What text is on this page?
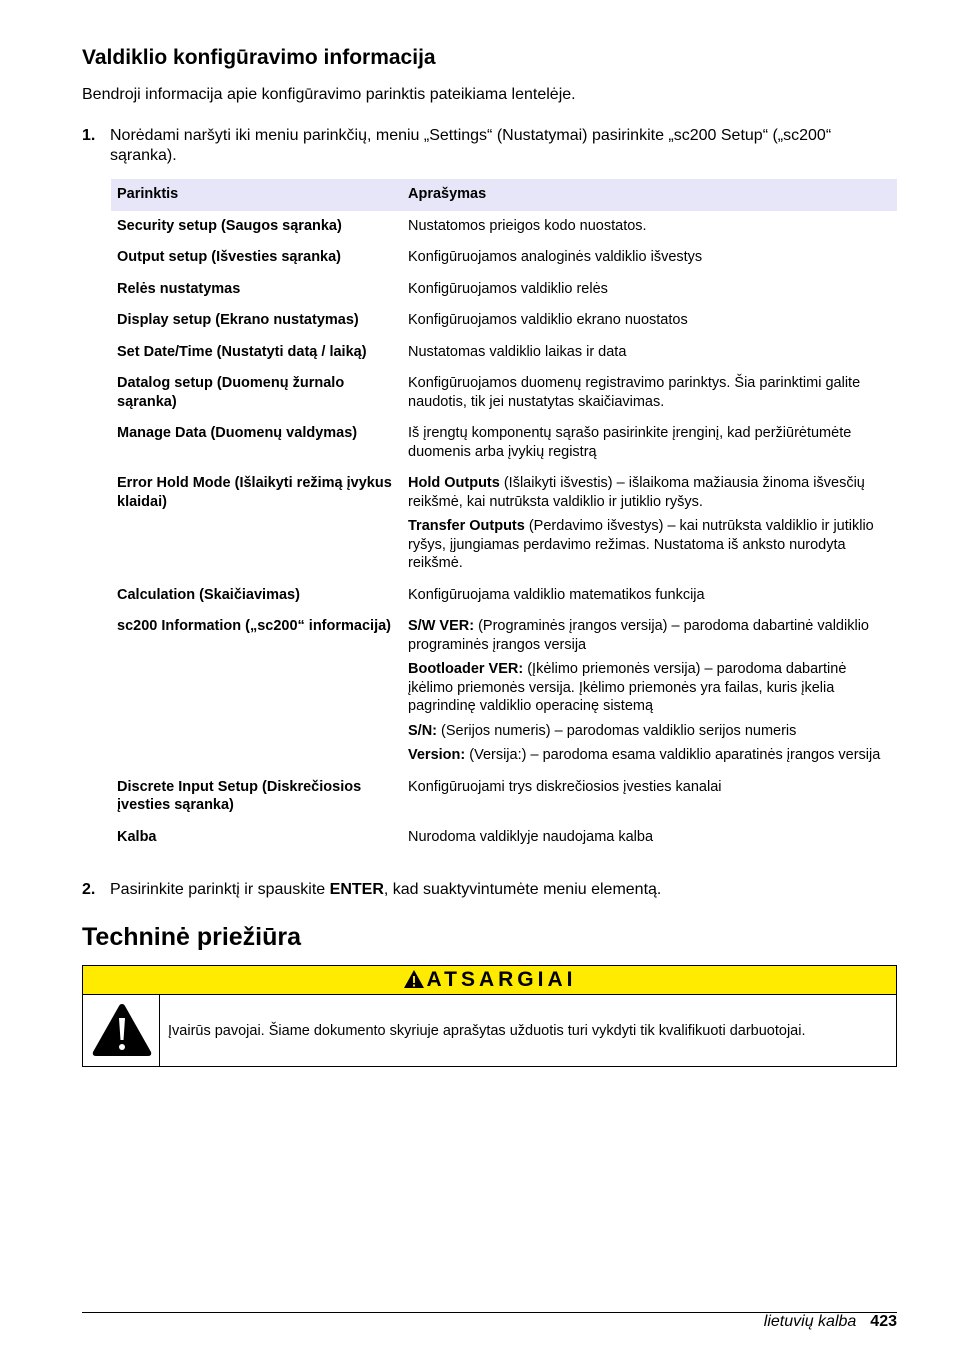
Valdiklio konfigūravimo informacija

Bendroji informacija apie konfigūravimo parinktis pateikiama lentelėje.

1. Norėdami naršyti iki meniu parinkčių, meniu „Settings“ (Nustatymai) pasirinkite „sc200 Setup“ („sc200“ sąranka).
Parinktis	Aprašymas
Security setup (Saugos sąranka)	Nustatomos prieigos kodo nuostatos.

Output setup (Išvesties sąranka)	Konfigūruojamos analoginės valdiklio išvestys

Relės nustatymas	Konfigūruojamos valdiklio relės

Display setup (Ekrano nustatymas)	Konfigūruojamos valdiklio ekrano nuostatos

Set Date/Time (Nustatyti datą / laiką)	Nustatomas valdiklio laikas ir data

Datalog setup (Duomenų žurnalo sąranka)	Konfigūruojamos duomenų registravimo parinktys. Šia parinktimi galite naudotis, tik jei nustatytas skaičiavimas.

Manage Data (Duomenų valdymas)	Iš įrengtų komponentų sąrašo pasirinkite įrenginį, kad peržiūrėtumėte duomenis arba įvykių registrą

Error Hold Mode (Išlaikyti režimą įvykus klaidai)	Hold Outputs (Išlaikyti išvestis) – išlaikoma mažiausia žinoma išvesčių reikšmė, kai nutrūksta valdiklio ir jutiklio ryšys.

Transfer Outputs (Perdavimo išvestys) – kai nutrūksta valdiklio ir jutiklio ryšys, įjungiamas perdavimo režimas. Nustatoma iš anksto nurodyta reikšmė.

Calculation (Skaičiavimas)	Konfigūruojama valdiklio matematikos funkcija

sc200 Information („sc200“ informacija)	S/W VER: (Programinės įrangos versija) – parodoma dabartinė valdiklio programinės įrangos versija

Bootloader VER: (Įkėlimo priemonės versija) – parodoma dabartinė įkėlimo priemonės versija. Įkėlimo priemonės yra failas, kuris įkelia pagrindinę valdiklio operacinę sistemą

S/N: (Serijos numeris) – parodomas valdiklio serijos numeris

Version: (Versija:) – parodoma esama valdiklio aparatinės įrangos versija

Discrete Input Setup (Diskrečiosios įvesties sąranka)	Konfigūruojami trys diskrečiosios įvesties kanalai

Kalba	Nurodoma valdiklyje naudojama kalba

2. Pasirinkite parinktį ir spauskite ENTER, kad suaktyvintumėte meniu elementą.
Techninė priežiūra
ATSARGIAI
Įvairūs pavojai. Šiame dokumento skyriuje aprašytas užduotis turi vykdyti tik kvalifikuoti darbuotojai.
lietuvių kalba 423
